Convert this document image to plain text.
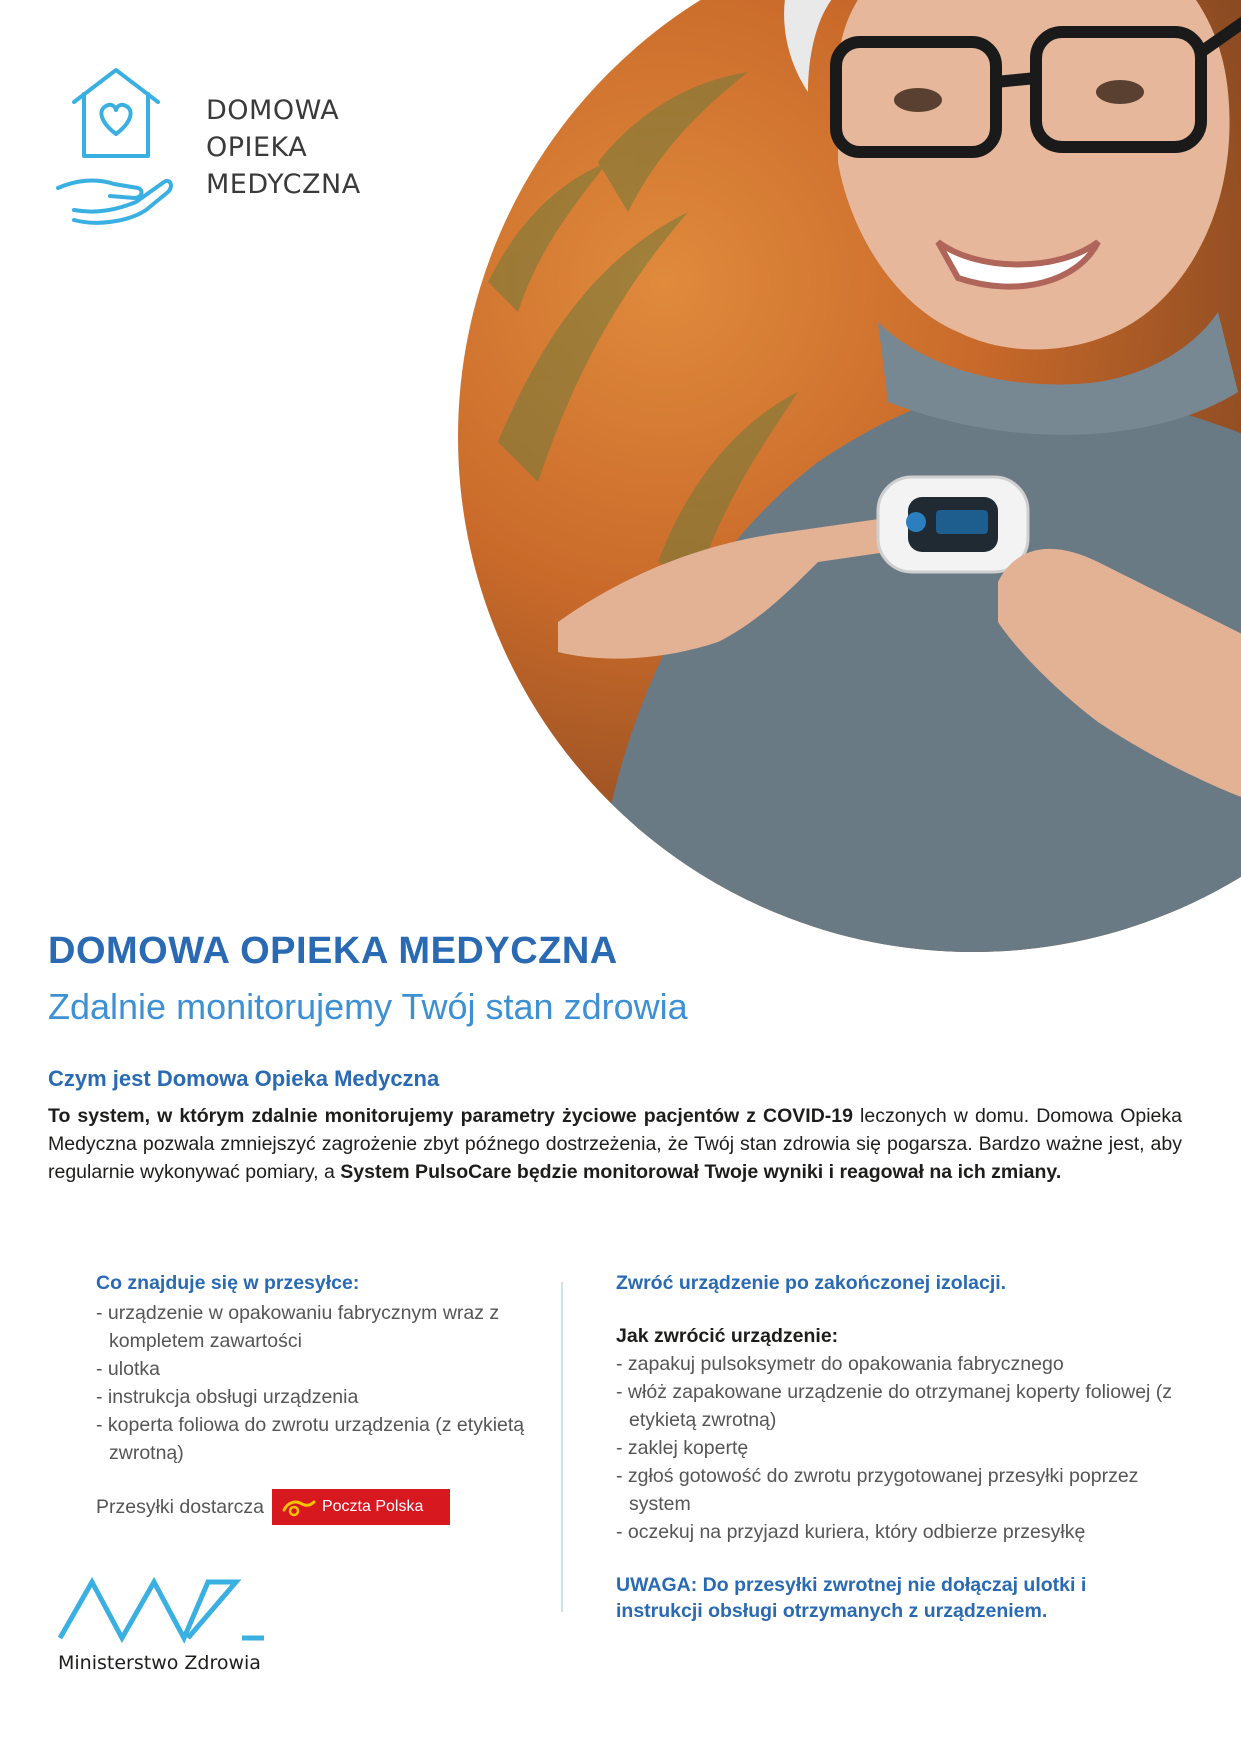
DOMOWA
OPIEKA
MEDYCZNA
DOMOWA OPIEKA MEDYCZNA
Zdalnie monitorujemy Twój stan zdrowia
Czym jest Domowa Opieka Medyczna
To system, w którym zdalnie monitorujemy parametry życiowe pacjentów z COVID-19 leczonych w domu. Domowa Opieka Medyczna pozwala zmniejszyć zagrożenie zbyt późnego dostrzeżenia, że Twój stan zdrowia się pogarsza. Bardzo ważne jest, aby regularnie wykonywać pomiary, a System PulsoCare będzie monitorował Twoje wyniki i reagował na ich zmiany.
Co znajduje się w przesyłce:
- urządzenie w opakowaniu fabrycznym wraz z kompletem zawartości
- ulotka
- instrukcja obsługi urządzenia
- koperta foliowa do zwrotu urządzenia (z etykietą zwrotną)
Przesyłki dostarcza	Poczta Polska
Zwróć urządzenie po zakończonej izolacji.
Jak zwrócić urządzenie:
- zapakuj pulsoksymetr do opakowania fabrycznego
- włóż zapakowane urządzenie do otrzymanej koperty foliowej (z etykietą zwrotną)
- zaklej kopertę
- zgłoś gotowość do zwrotu przygotowanej przesyłki poprzez system
- oczekuj na przyjazd kuriera, który odbierze przesyłkę
UWAGA: Do przesyłki zwrotnej nie dołączaj ulotki i instrukcji obsługi otrzymanych z urządzeniem.
Ministerstwo Zdrowia
